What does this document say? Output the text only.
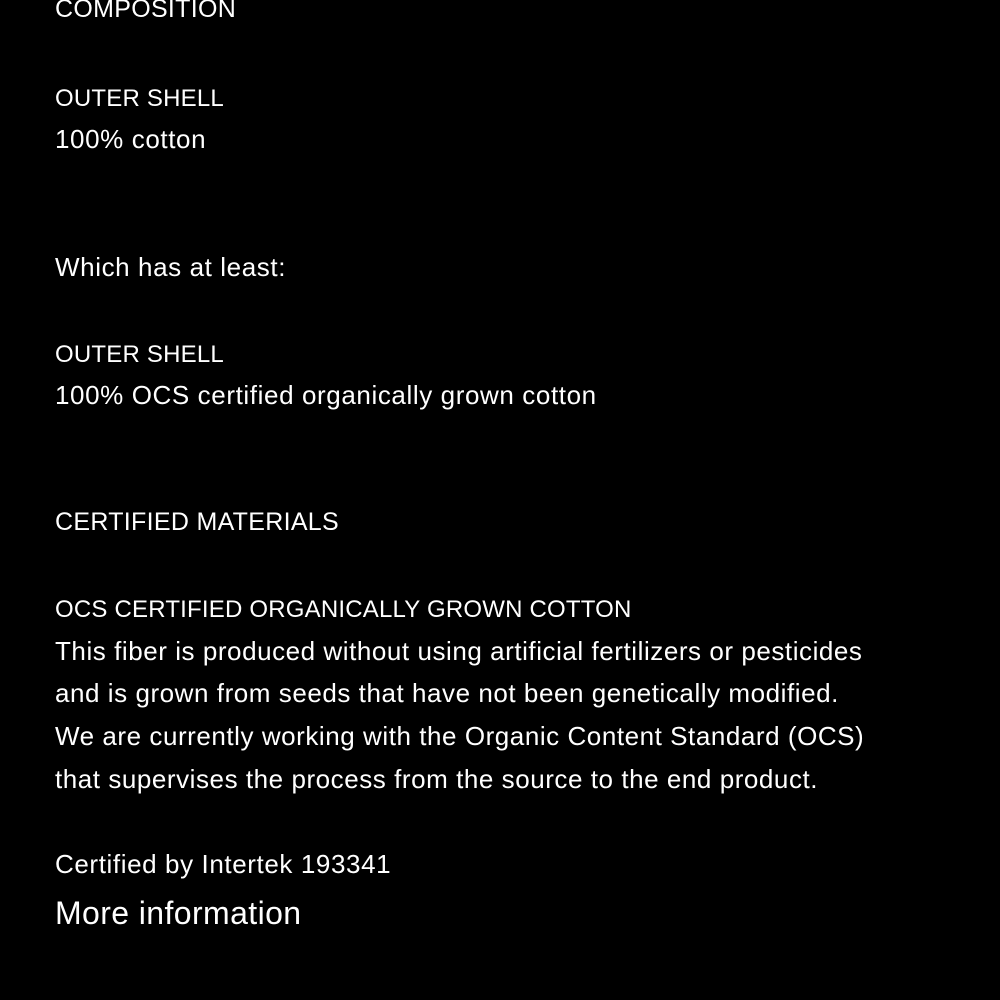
COMPOSITION

OUTER SHELL

100% cotton

Which has at least:

OUTER SHELL

100% OCS certified organically grown cotton

CERTIFIED MATERIALS

OCS CERTIFIED ORGANICALLY GROWN COTTON

This fiber is produced without using artificial fertilizers or pesticides

and is grown from seeds that have not been genetically modified.

We are currently working with the Organic Content Standard (OCS)

that supervises the process from the source to the end product.

Certified by Intertek 193341

More information
